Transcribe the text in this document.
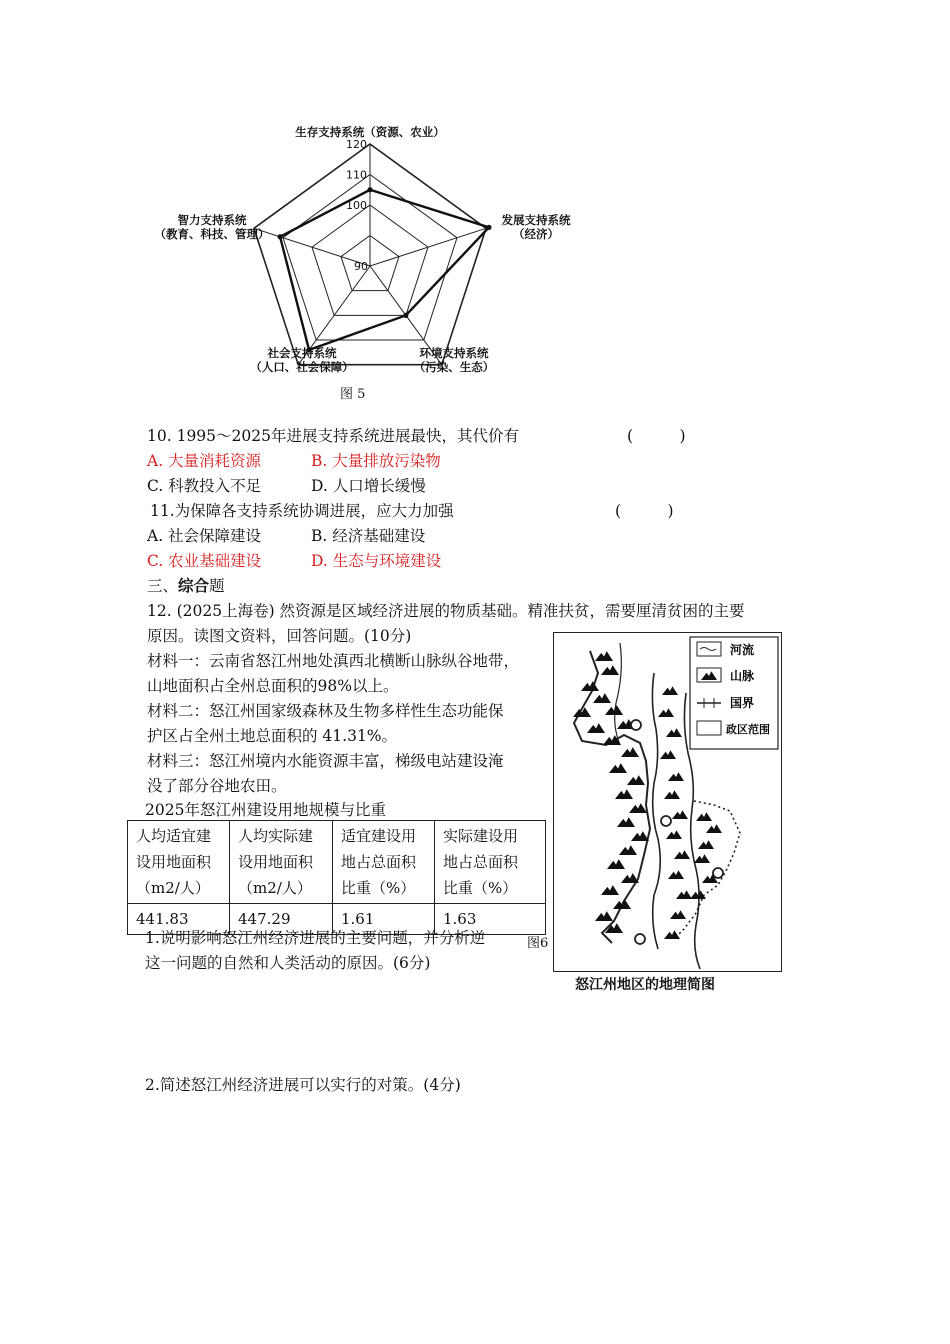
90
100
110
120
生存支持系统（资源、农业）
发展支持系统
（经济）
环境支持系统
（污染、生态）
社会支持系统
（人口、社会保障）
智力支持系统
（教育、科技、管理）
图 5
10. 1995～2025年进展支持系统进展最快，其代价有	(　　　)
A. 大量消耗资源	B. 大量排放污染物
C. 科教投入不足	D. 人口增长缓慢
11.为保障各支持系统协调进展，应大力加强	(　　　)
A. 社会保障建设	B. 经济基础建设
C. 农业基础建设	D. 生态与环境建设
三、综合题
12. (2025上海卷) 然资源是区域经济进展的物质基础。精准扶贫，需要厘清贫困的主要
原因。读图文资料，回答问题。(10分)
材料一：云南省怒江州地处滇西北横断山脉纵谷地带，
山地面积占全州总面积的98%以上。
材料二：怒江州国家级森林及生物多样性生态功能保
护区占全州土地总面积的 41.31%。
材料三：怒江州境内水能资源丰富，梯级电站建设淹
没了部分谷地农田。
2025年怒江州建设用地规模与比重
人均适宜建
设用地面积
（m2/人）	人均实际建
设用地面积
（m2/人）	适宜建设用
地占总面积
比重（%）	实际建设用
地占总面积
比重（%）
441.83	447.29	1.61	1.63
1.说明影响怒江州经济进展的主要问题，并分析逆
这一问题的自然和人类活动的原因。(6分)
图6
2.简述怒江州经济进展可以实行的对策。(4分)
河流
山脉
国界
政区范围
怒江州地区的地理简图
